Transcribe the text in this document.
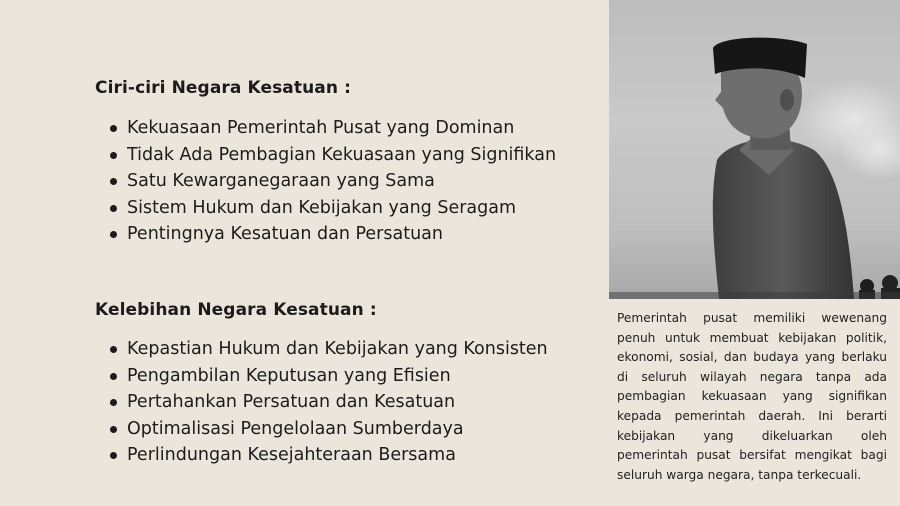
Ciri-ciri Negara Kesatuan :
Kekuasaan Pemerintah Pusat yang Dominan
Tidak Ada Pembagian Kekuasaan yang Signifikan
Satu Kewarganegaraan yang Sama
Sistem Hukum dan Kebijakan yang Seragam
Pentingnya Kesatuan dan Persatuan
Kelebihan Negara Kesatuan :
Kepastian Hukum dan Kebijakan yang Konsisten
Pengambilan Keputusan yang Efisien
Pertahankan Persatuan dan Kesatuan
Optimalisasi Pengelolaan Sumberdaya
Perlindungan Kesejahteraan Bersama

Pemerintah pusat memiliki wewenang penuh untuk membuat kebijakan politik, ekonomi, sosial, dan budaya yang berlaku di seluruh wilayah negara tanpa ada pembagian kekuasaan yang signifikan kepada pemerintah daerah. Ini berarti kebijakan yang dikeluarkan oleh pemerintah pusat bersifat mengikat bagi seluruh warga negara, tanpa terkecuali.
